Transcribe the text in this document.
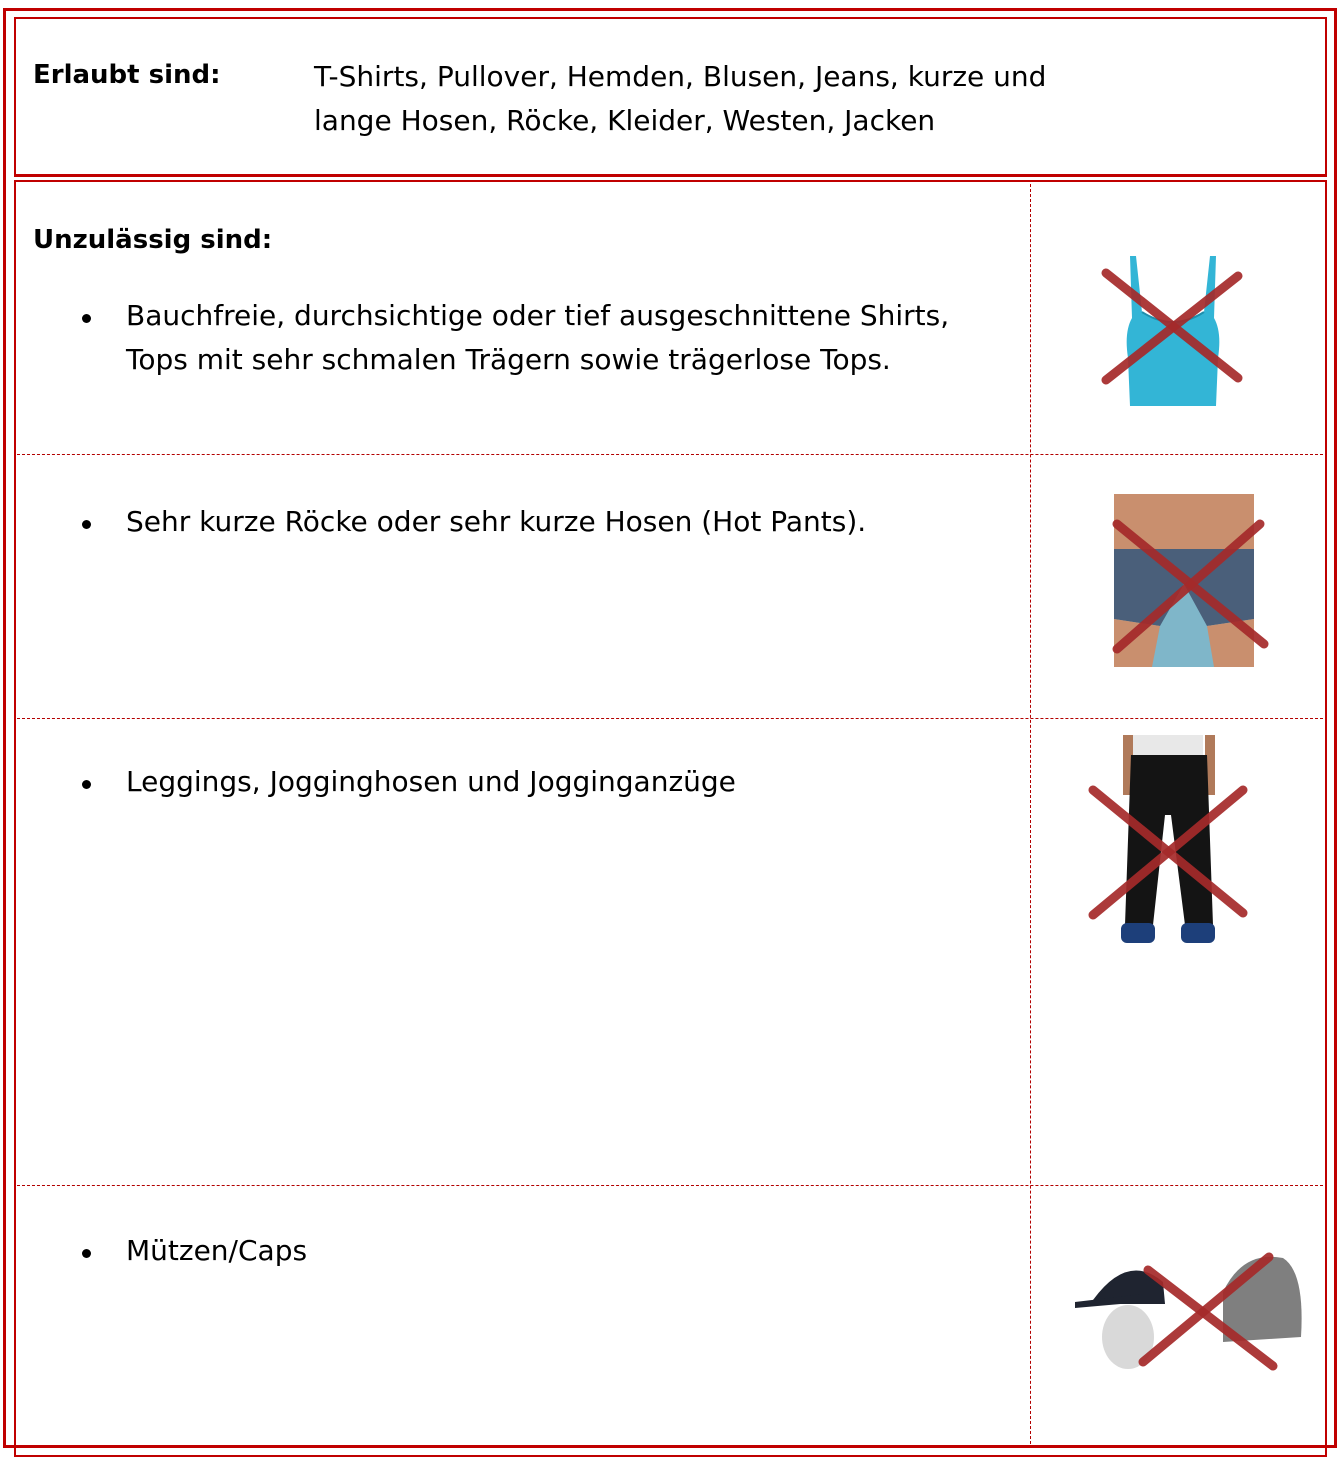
Erlaubt sind:	T-Shirts, Pullover, Hemden, Blusen, Jeans, kurze und lange Hosen, Röcke, Kleider, Westen, Jacken
Unzulässig sind:
Bauchfreie, durchsichtige oder tief ausgeschnittene Shirts, Tops mit sehr schmalen Trägern sowie trägerlose Tops.
Sehr kurze Röcke oder sehr kurze Hosen (Hot Pants).
Leggings, Jogginghosen und Jogginganzüge
Mützen/Caps
